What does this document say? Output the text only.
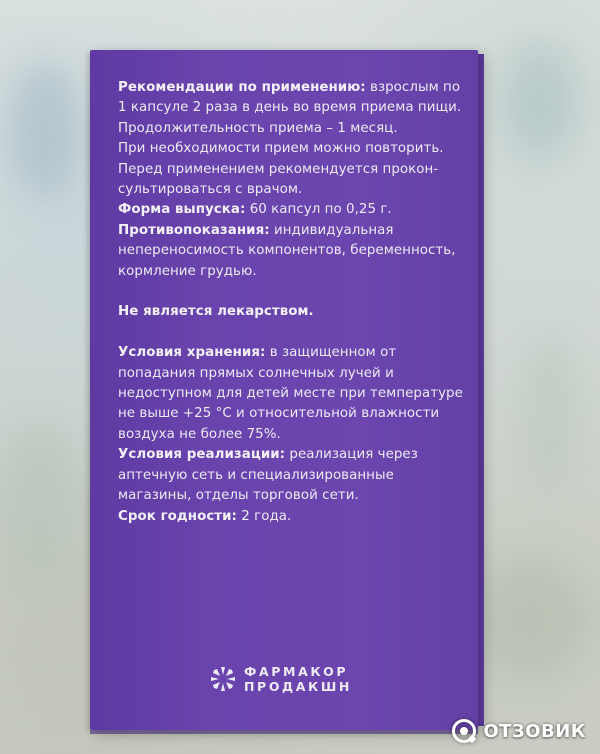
Рекомендации по применению: взрослым по

1 капсуле 2 раза в день во время приема пищи.

Продолжительность приема – 1 месяц.

При необходимости прием можно повторить.

Перед применением рекомендуется прокон-

сультироваться с врачом.

Форма выпуска: 60 капсул по 0,25 г.

Противопоказания: индивидуальная

непереносимость компонентов, беременность,

кормление грудью.

Не является лекарством.

Условия хранения: в защищенном от

попадания прямых солнечных лучей и

недоступном для детей месте при температуре

не выше +25 °С и относительной влажности

воздуха не более 75%.

Условия реализации: реализация через

аптечную сеть и специализированные

магазины, отделы торговой сети.

Срок годности: 2 года.

ФАРМАКОР
ПРОДАКШН
ОТЗОВИК
